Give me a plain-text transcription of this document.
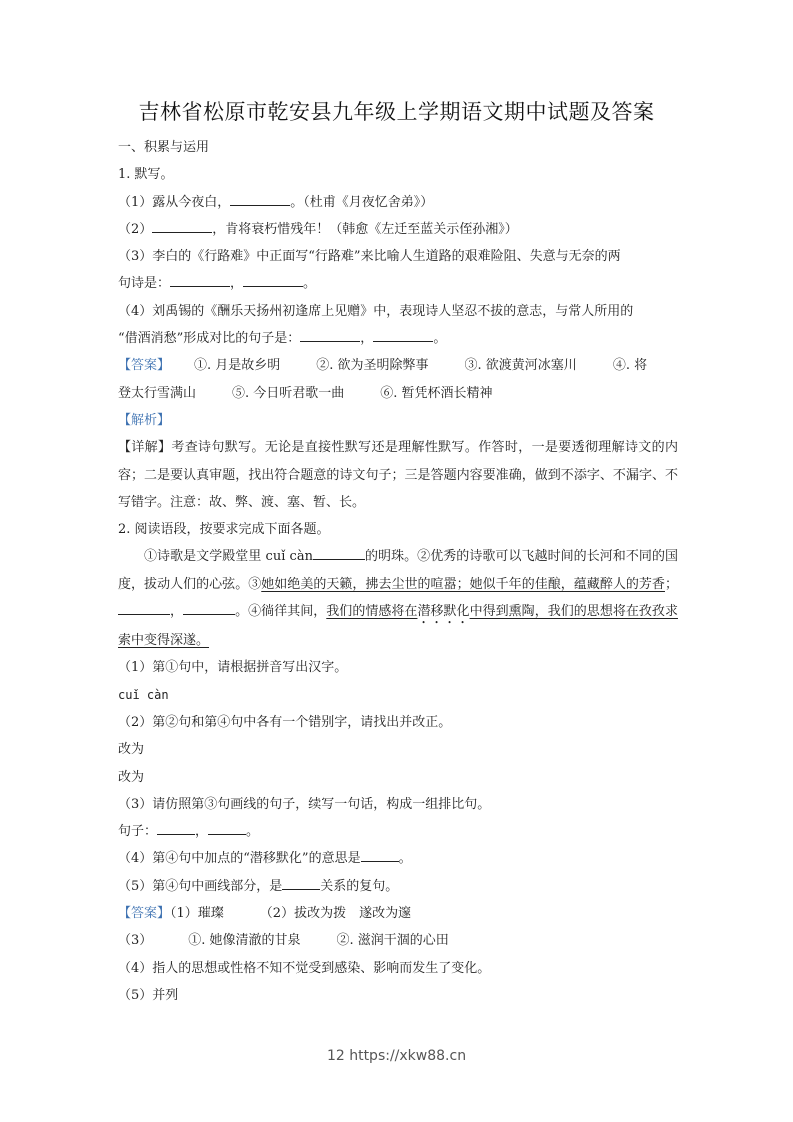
吉林省松原市乾安县九年级上学期语文期中试题及答案

一、积累与运用

1. 默写。

（1）露从今夜白，	。（杜甫《月夜忆舍弟》）

（2）	，肯将衰朽惜残年！（韩愈《左迁至蓝关示侄孙湘》）

（3）李白的《行路难》中正面写“行路难”来比喻人生道路的艰难险阻、失意与无奈的两

句诗是：	，	。

（4）刘禹锡的《酬乐天扬州初逢席上见赠》中，表现诗人坚忍不拔的意志，与常人所用的

“借酒消愁”形成对比的句子是：	，	。

【答案】 ①. 月是故乡明	②. 欲为圣明除弊事	③. 欲渡黄河冰塞川	④. 将

登太行雪满山	⑤. 今日听君歌一曲	⑥. 暂凭杯酒长精神

【解析】

【详解】考查诗句默写。无论是直接性默写还是理解性默写。作答时，一是要透彻理解诗文的内容；二是要认真审题，找出符合题意的诗文句子；三是答题内容要准确，做到不添字、不漏字、不写错字。注意：故、弊、渡、塞、暂、长。

2. 阅读语段，按要求完成下面各题。

①诗歌是文学殿堂里 cuǐ càn	的明珠。②优秀的诗歌可以飞越时间的长河和不同的国度，拔动人们的心弦。③她如绝美的天籁，拂去尘世的喧嚣；她似千年的佳酿，蕴藏醉人的芳香；，	。④徜徉其间，我们的情感将在潜移默化中得到熏陶，我们的思想将在孜孜求索中变得深遂。

（1）第①句中，请根据拼音写出汉字。

cuǐ càn

（2）第②句和第④句中各有一个错别字，请找出并改正。

改为

改为

（3）请仿照第③句画线的句子，续写一句话，构成一组排比句。

句子：	，	。

（4）第④句中加点的“潜移默化”的意思是	。

（5）第④句中画线部分，是	关系的复句。

【答案】（1）璀璨	（2）拔改为拨　遂改为邃

（3）	①. 她像清澈的甘泉	②. 滋润干涸的心田

（4）指人的思想或性格不知不觉受到感染、影响而发生了变化。

（5）并列

12 https://xkw88.cn
